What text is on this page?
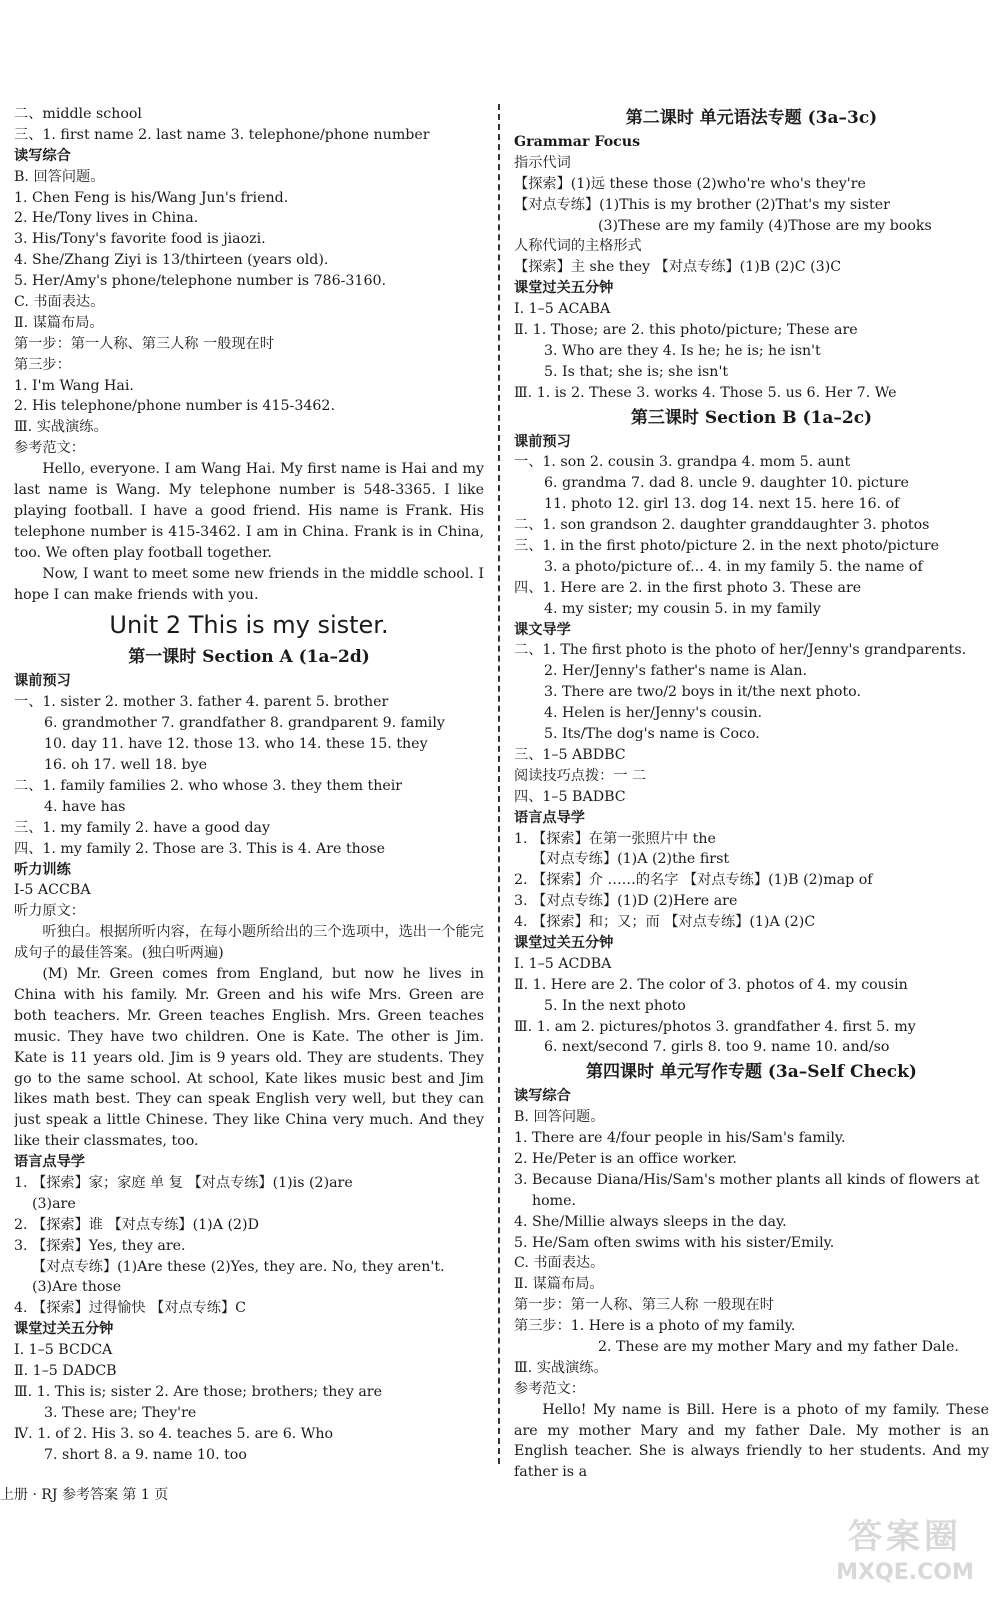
二、middle school
三、1. first name 2. last name 3. telephone/phone number
读写综合
B. 回答问题。
1. Chen Feng is his/Wang Jun's friend.
2. He/Tony lives in China.
3. His/Tony's favorite food is jiaozi.
4. She/Zhang Ziyi is 13/thirteen (years old).
5. Her/Amy's phone/telephone number is 786-3160.
C. 书面表达。
Ⅱ. 谋篇布局。
第一步：第一人称、第三人称 一般现在时
第三步：
1. I'm Wang Hai.
2. His telephone/phone number is 415-3462.
Ⅲ. 实战演练。
参考范文：
Hello, everyone. I am Wang Hai. My first name is Hai and my last name is Wang. My telephone number is 548-3365. I like playing football. I have a good friend. His name is Frank. His telephone number is 415-3462. I am in China. Frank is in China, too. We often play football together.
Now, I want to meet some new friends in the middle school. I hope I can make friends with you.
Unit 2 This is my sister.
第一课时 Section A (1a–2d)
课前预习
一、1. sister 2. mother 3. father 4. parent 5. brother
6. grandmother 7. grandfather 8. grandparent 9. family
10. day 11. have 12. those 13. who 14. these 15. they
16. oh 17. well 18. bye
二、1. family families 2. who whose 3. they them their
4. have has
三、1. my family 2. have a good day
四、1. my family 2. Those are 3. This is 4. Are those
听力训练
Ⅰ-5 ACCBA
听力原文：
听独白。根据所听内容，在每小题所给出的三个选项中，选出一个能完成句子的最佳答案。(独白听两遍)
(M) Mr. Green comes from England, but now he lives in China with his family. Mr. Green and his wife Mrs. Green are both teachers. Mr. Green teaches English. Mrs. Green teaches music. They have two children. One is Kate. The other is Jim. Kate is 11 years old. Jim is 9 years old. They are students. They go to the same school. At school, Kate likes music best and Jim likes math best. They can speak English very well, but they can just speak a little Chinese. They like China very much. And they like their classmates, too.
语言点导学
1. 【探索】家；家庭 单 复 【对点专练】(1)is (2)are
(3)are
2. 【探索】谁 【对点专练】(1)A (2)D
3. 【探索】Yes, they are.
【对点专练】(1)Are these (2)Yes, they are. No, they aren't.
(3)Are those
4. 【探索】过得愉快 【对点专练】C
课堂过关五分钟
Ⅰ. 1–5 BCDCA
Ⅱ. 1–5 DADCB
Ⅲ. 1. This is; sister 2. Are those; brothers; they are
3. These are; They're
Ⅳ. 1. of 2. His 3. so 4. teaches 5. are 6. Who
7. short 8. a 9. name 10. too
第二课时 单元语法专题 (3a–3c)
Grammar Focus
指示代词
【探索】(1)远 these those (2)who're who's they're
【对点专练】(1)This is my brother (2)That's my sister
(3)These are my family (4)Those are my books
人称代词的主格形式
【探索】主 she they 【对点专练】(1)B (2)C (3)C
课堂过关五分钟
Ⅰ. 1–5 ACABA
Ⅱ. 1. Those; are 2. this photo/picture; These are
3. Who are they 4. Is he; he is; he isn't
5. Is that; she is; she isn't
Ⅲ. 1. is 2. These 3. works 4. Those 5. us 6. Her 7. We
第三课时 Section B (1a–2c)
课前预习
一、1. son 2. cousin 3. grandpa 4. mom 5. aunt
6. grandma 7. dad 8. uncle 9. daughter 10. picture
11. photo 12. girl 13. dog 14. next 15. here 16. of
二、1. son grandson 2. daughter granddaughter 3. photos
三、1. in the first photo/picture 2. in the next photo/picture
3. a photo/picture of... 4. in my family 5. the name of
四、1. Here are 2. in the first photo 3. These are
4. my sister; my cousin 5. in my family
课文导学
二、1. The first photo is the photo of her/Jenny's grandparents.
2. Her/Jenny's father's name is Alan.
3. There are two/2 boys in it/the next photo.
4. Helen is her/Jenny's cousin.
5. Its/The dog's name is Coco.
三、1–5 ABDBC
阅读技巧点拨：一 二
四、1–5 BADBC
语言点导学
1. 【探索】在第一张照片中 the
【对点专练】(1)A (2)the first
2. 【探索】介 ……的名字 【对点专练】(1)B (2)map of
3. 【对点专练】(1)D (2)Here are
4. 【探索】和；又；而 【对点专练】(1)A (2)C
课堂过关五分钟
Ⅰ. 1–5 ACDBA
Ⅱ. 1. Here are 2. The color of 3. photos of 4. my cousin
5. In the next photo
Ⅲ. 1. am 2. pictures/photos 3. grandfather 4. first 5. my
6. next/second 7. girls 8. too 9. name 10. and/so
第四课时 单元写作专题 (3a–Self Check)
读写综合
B. 回答问题。
1. There are 4/four people in his/Sam's family.
2. He/Peter is an office worker.
3. Because Diana/His/Sam's mother plants all kinds of flowers at
home.
4. She/Millie always sleeps in the day.
5. He/Sam often swims with his sister/Emily.
C. 书面表达。
Ⅱ. 谋篇布局。
第一步：第一人称、第三人称 一般现在时
第三步：1. Here is a photo of my family.
2. These are my mother Mary and my father Dale.
Ⅲ. 实战演练。
参考范文：
Hello! My name is Bill. Here is a photo of my family. These are my mother Mary and my father Dale. My mother is an English teacher. She is always friendly to her students. And my father is a
上册 · RJ 参考答案 第 1 页
答案圈
MXQE.COM
